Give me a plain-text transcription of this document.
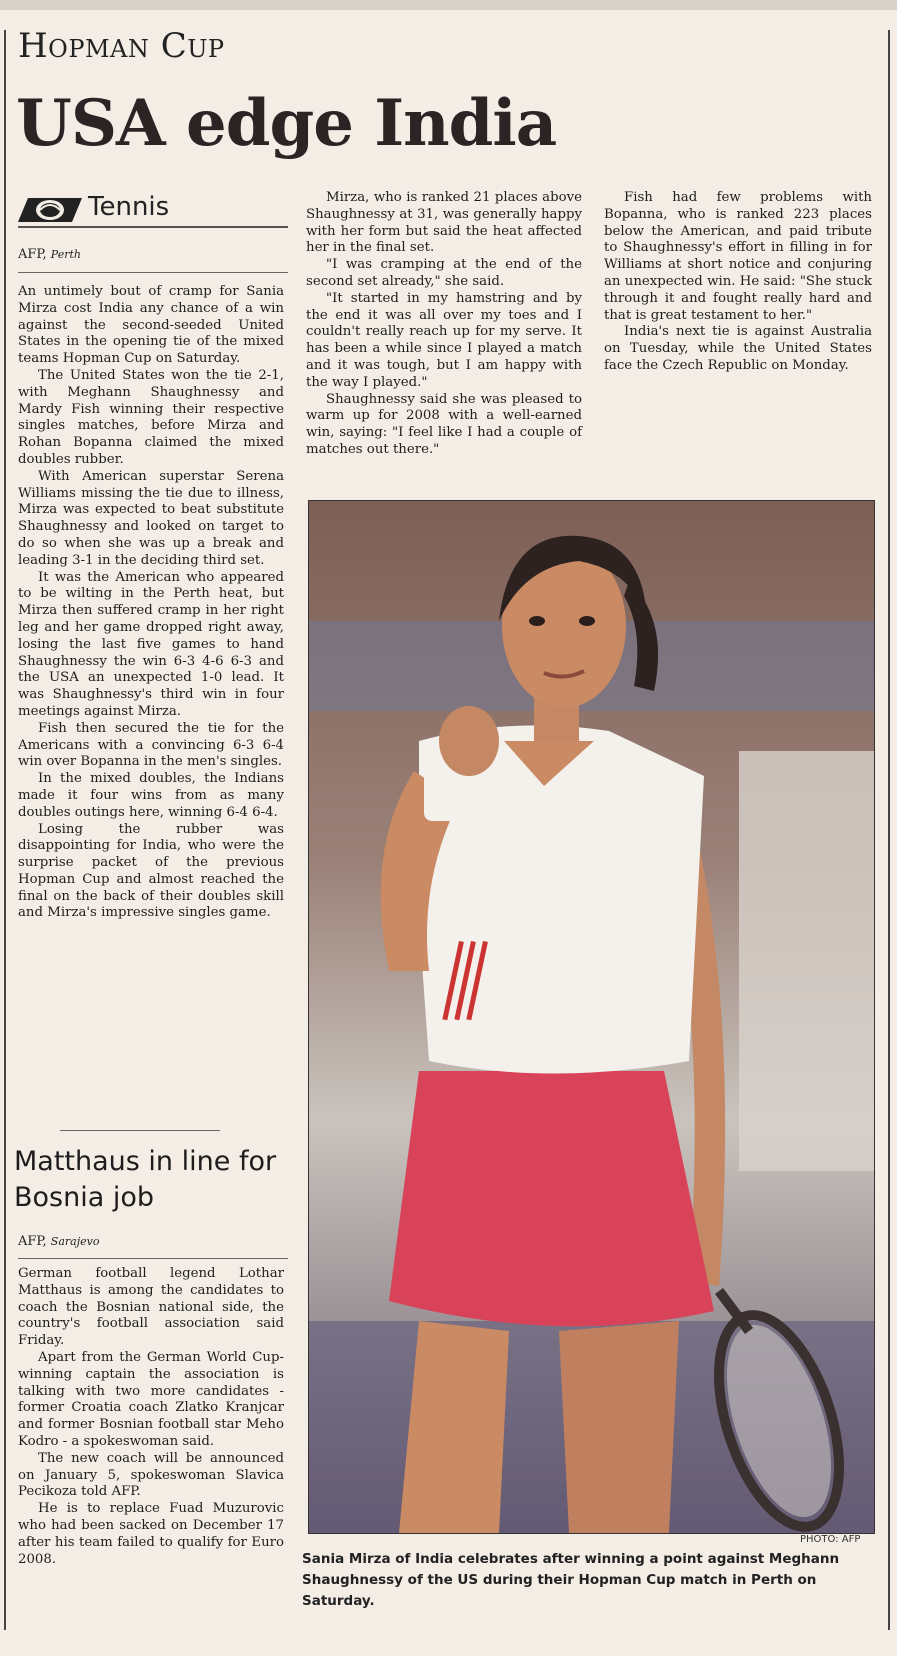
Hopman Cup
USA edge India
Tennis
AFP, Perth

An untimely bout of cramp for Sania Mirza cost India any chance of a win against the second-seeded United States in the opening tie of the mixed teams Hopman Cup on Saturday.

The United States won the tie 2-1, with Meghann Shaughnessy and Mardy Fish winning their respective singles matches, before Mirza and Rohan Bopanna claimed the mixed doubles rubber.

With American superstar Serena Williams missing the tie due to illness, Mirza was expected to beat substitute Shaughnessy and looked on target to do so when she was up a break and leading 3-1 in the deciding third set.

It was the American who appeared to be wilting in the Perth heat, but Mirza then suffered cramp in her right leg and her game dropped right away, losing the last five games to hand Shaughnessy the win 6-3 4-6 6-3 and the USA an unexpected 1-0 lead. It was Shaughnessy's third win in four meetings against Mirza.

Fish then secured the tie for the Americans with a convincing 6-3 6-4 win over Bopanna in the men's singles.

In the mixed doubles, the Indians made it four wins from as many doubles outings here, winning 6-4 6-4.

Losing the rubber was disappointing for India, who were the surprise packet of the previous Hopman Cup and almost reached the final on the back of their doubles skill and Mirza's impressive singles game.

Matthaus in line for Bosnia job
AFP, Sarajevo

German football legend Lothar Matthaus is among the candidates to coach the Bosnian national side, the country's football association said Friday.

Apart from the German World Cup-winning captain the association is talking with two more candidates - former Croatia coach Zlatko Kranjcar and former Bosnian football star Meho Kodro - a spokeswoman said.

The new coach will be announced on January 5, spokeswoman Slavica Pecikoza told AFP.

He is to replace Fuad Muzurovic who had been sacked on December 17 after his team failed to qualify for Euro 2008.

Mirza, who is ranked 21 places above Shaughnessy at 31, was generally happy with her form but said the heat affected her in the final set.

"I was cramping at the end of the second set already," she said.

"It started in my hamstring and by the end it was all over my toes and I couldn't really reach up for my serve. It has been a while since I played a match and it was tough, but I am happy with the way I played."

Shaughnessy said she was pleased to warm up for 2008 with a well-earned win, saying: "I feel like I had a couple of matches out there."

Fish had few problems with Bopanna, who is ranked 223 places below the American, and paid tribute to Shaughnessy's effort in filling in for Williams at short notice and conjuring an unexpected win. He said: "She stuck through it and fought really hard and that is great testament to her."

India's next tie is against Australia on Tuesday, while the United States face the Czech Republic on Monday.

PHOTO: AFP
Sania Mirza of India celebrates after winning a point against Meghann Shaughnessy of the US during their Hopman Cup match in Perth on Saturday.
